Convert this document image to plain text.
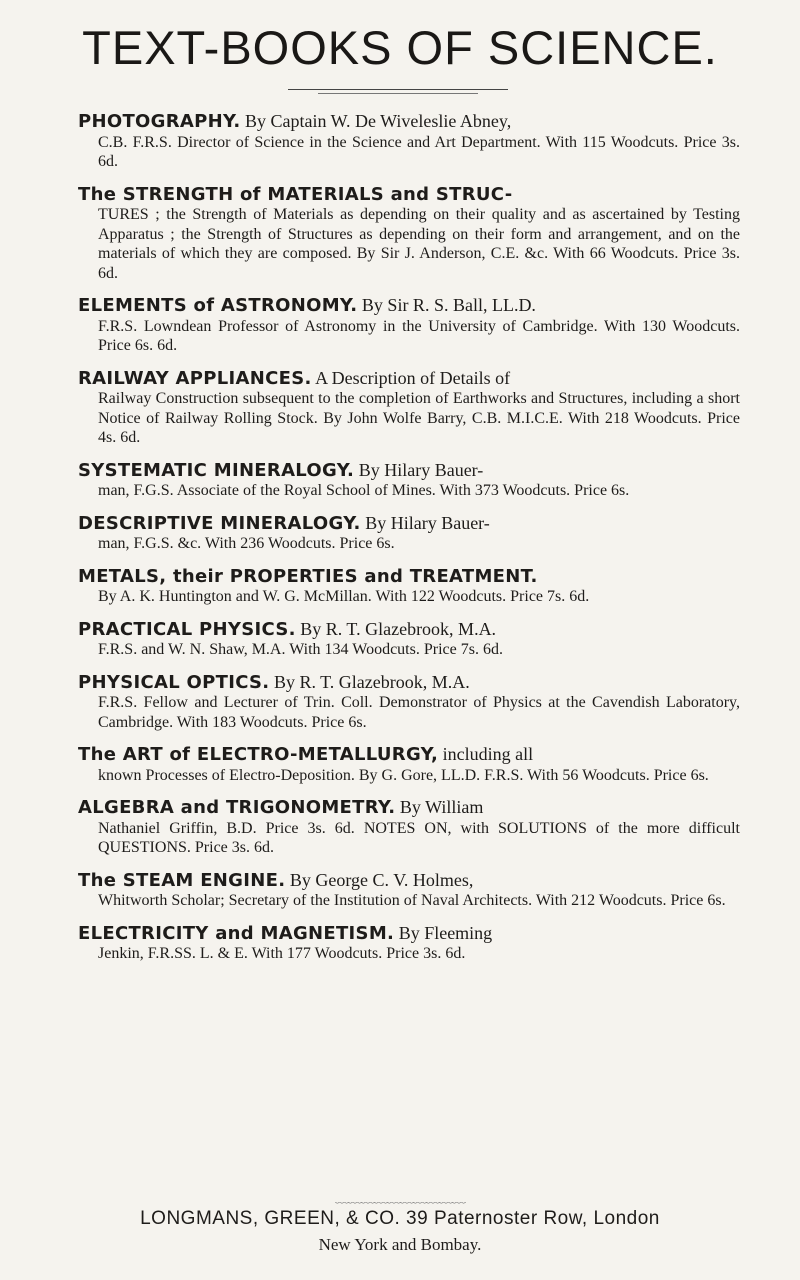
TEXT-BOOKS OF SCIENCE.

PHOTOGRAPHY. By Captain W. De Wiveleslie Abney,
C.B. F.R.S. Director of Science in the Science and Art Department. With 115 Woodcuts. Price 3s. 6d.

The STRENGTH of MATERIALS and STRUC-
TURES ; the Strength of Materials as depending on their quality and as ascertained by Testing Apparatus ; the Strength of Structures as depending on their form and arrangement, and on the materials of which they are composed. By Sir J. Anderson, C.E. &c. With 66 Woodcuts. Price 3s. 6d.

ELEMENTS of ASTRONOMY. By Sir R. S. Ball, LL.D.
F.R.S. Lowndean Professor of Astronomy in the University of Cambridge. With 130 Woodcuts. Price 6s. 6d.

RAILWAY APPLIANCES. A Description of Details of
Railway Construction subsequent to the completion of Earthworks and Structures, including a short Notice of Railway Rolling Stock. By John Wolfe Barry, C.B. M.I.C.E. With 218 Woodcuts. Price 4s. 6d.

SYSTEMATIC MINERALOGY. By Hilary Bauer-
man, F.G.S. Associate of the Royal School of Mines. With 373 Woodcuts. Price 6s.

DESCRIPTIVE MINERALOGY. By Hilary Bauer-
man, F.G.S. &c. With 236 Woodcuts. Price 6s.

METALS, their PROPERTIES and TREATMENT.
By A. K. Huntington and W. G. McMillan. With 122 Woodcuts. Price 7s. 6d.

PRACTICAL PHYSICS. By R. T. Glazebrook, M.A.
F.R.S. and W. N. Shaw, M.A. With 134 Woodcuts. Price 7s. 6d.

PHYSICAL OPTICS. By R. T. Glazebrook, M.A.
F.R.S. Fellow and Lecturer of Trin. Coll. Demonstrator of Physics at the Cavendish Laboratory, Cambridge. With 183 Woodcuts. Price 6s.

The ART of ELECTRO-METALLURGY, including all
known Processes of Electro-Deposition. By G. Gore, LL.D. F.R.S. With 56 Woodcuts. Price 6s.

ALGEBRA and TRIGONOMETRY. By William
Nathaniel Griffin, B.D. Price 3s. 6d. NOTES ON, with SOLUTIONS of the more difficult QUESTIONS. Price 3s. 6d.

The STEAM ENGINE. By George C. V. Holmes,
Whitworth Scholar; Secretary of the Institution of Naval Architects. With 212 Woodcuts. Price 6s.

ELECTRICITY and MAGNETISM. By Fleeming
Jenkin, F.R.SS. L. & E. With 177 Woodcuts. Price 3s. 6d.

﹏﹏﹏﹏﹏﹏﹏﹏﹏﹏

LONGMANS, GREEN, & CO. 39 Paternoster Row, London

New York and Bombay.
